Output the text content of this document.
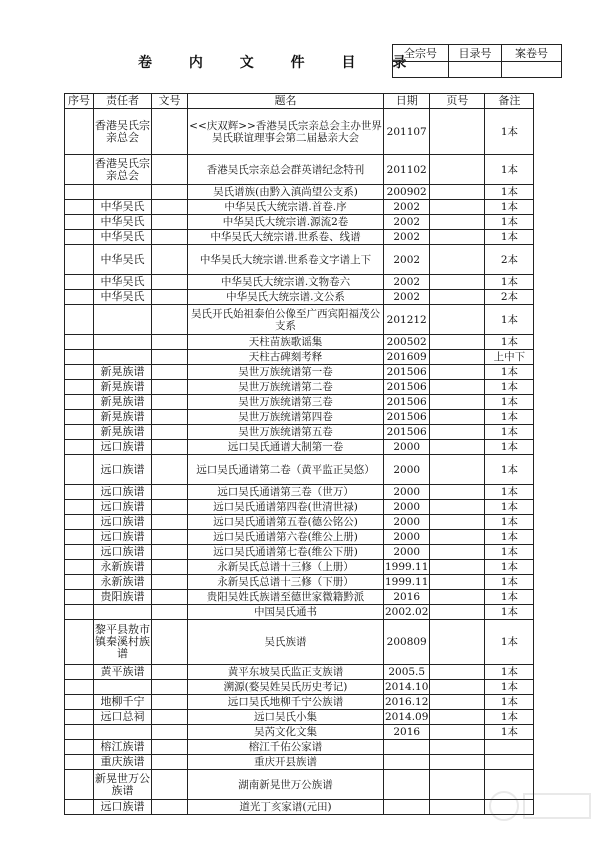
卷 内 文 件 目 录
全宗号	目录号	案卷号

序号	责任者	文号	题名	日期	页号	备注
	香港吴氏宗亲总会		<<庆双辉>>香港吴氏宗亲总会主办世界吴氏联谊理事会第二届悬亲大会	201107		1本
	香港吴氏宗亲总会		香港吴氏宗亲总会群英谱纪念特刊	201102		1本
			吴氏谱族(由黔入滇尚望公支系)	200902		1本
	中华吴氏		中华吴氏大统宗谱.首卷.序	2002		1本
	中华吴氏		中华吴氏大统宗谱.源流2卷	2002		1本
	中华吴氏		中华吴氏大统宗谱.世系卷、线谱	2002		1本
	中华吴氏		中华吴氏大统宗谱.世系卷文字谱上下	2002		2本
	中华吴氏		中华吴氏大统宗谱.文物卷六	2002		1本
	中华吴氏		中华吴氏大统宗谱.文公系	2002		2本
			吴氏开氏始祖泰伯公像至广西宾阳福茂公支系	201212		1本
			天柱苗族歌谣集	200502		1本
			天柱古碑刻考释	201609		上中下
	新晃族谱		吴世万族统谱第一卷	201506		1本
	新晃族谱		吴世万族统谱第二卷	201506		1本
	新晃族谱		吴世万族统谱第三卷	201506		1本
	新晃族谱		吴世万族统谱第四卷	201506		1本
	新晃族谱		吴世万族统谱第五卷	201506		1本
	远口族谱		远口吴氏通谱大制第一卷	2000		1本
	远口族谱		远口吴氏通谱第二卷（黄平监正吴悠）	2000		1本
	远口族谱		远口吴氏通谱第三卷（世万）	2000		1本
	远口族谱		远口吴氏通谱第四卷(世清世禄)	2000		1本
	远口族谱		远口吴氏通谱第五卷(德公铭公)	2000		1本
	远口族谱		远口吴氏通谱第六卷(维公上册)	2000		1本
	远口族谱		远口吴氏通谱第七卷(维公下册)	2000		1本
	永新族谱		永新吴氏总谱十三修（上册）	1999.11		1本
	永新族谱		永新吴氏总谱十三修（下册）	1999.11		1本
	贵阳族谱		贵阳吴姓氏族谱至德世家微籍黔派	2016		1本
			中国吴氏通书	2002.02		1本
	黎平县敖市镇秦溪村族谱		吴氏族谱	200809		1本
	黄平族谱		黄平东坡吴氏监正支族谱	2005.5		1本
			溯源(婺吴姓吴氏历史考记)	2014.10		1本
	地柳千宁		远口吴氏地柳千宁公族谱	2016.12		1本
	远口总祠		远口吴氏小集	2014.09		1本
			吴芮文化文集	2016		1本
	榕江族谱		榕江千佑公家谱			
	重庆族谱		重庆开县族谱			
	新晃世万公族谱		湖南新晃世万公族谱			
	远口族谱		道光丁亥家谱(元田)			
